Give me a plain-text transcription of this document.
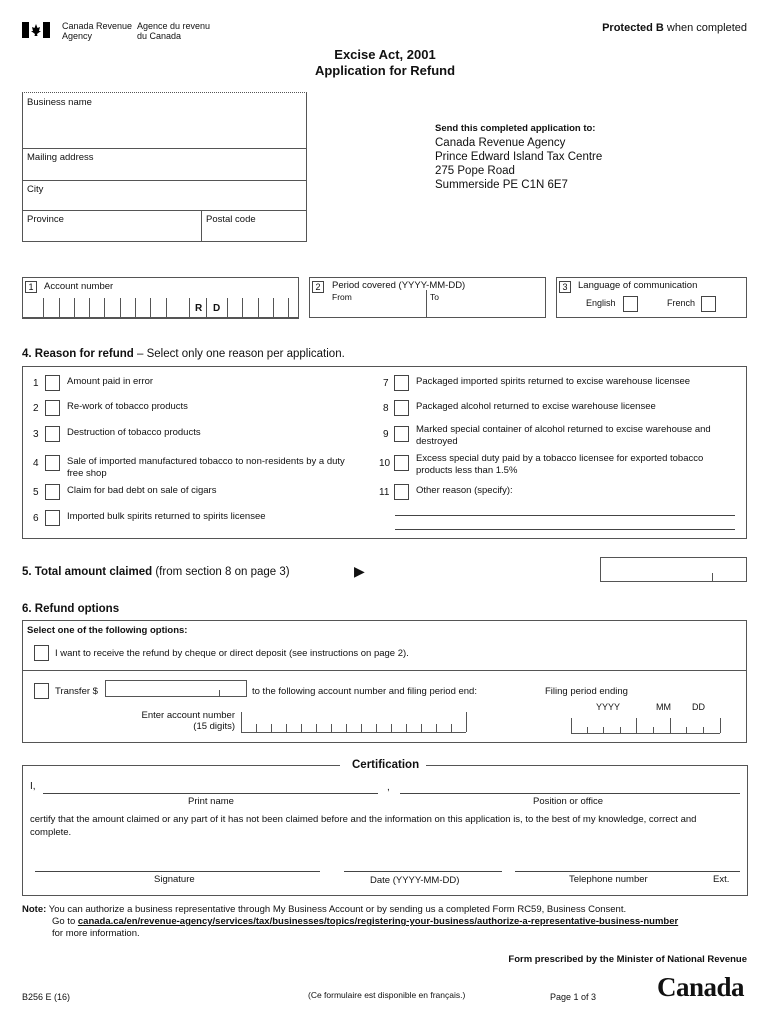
Canada Revenue
Agency
Agence du revenu
du Canada
Protected B when completed
Excise Act, 2001
Application for Refund
Business name
Mailing address
City
Province	Postal code
Send this completed application to:
Canada Revenue Agency
Prince Edward Island Tax Centre
275 Pope Road
Summerside PE C1N 6E7
1	Account number
R D
2	Period covered (YYYY-MM-DD)
From	To
3	Language of communication
English	French
4. Reason for refund – Select only one reason per application.
5. Total amount claimed (from section 8 on page 3)	▶
6. Refund options
Select one of the following options:
I want to receive the refund by cheque or direct deposit (see instructions on page 2).
Transfer $	to the following account number and filing period end:	Filing period ending
YYYY	MM DD
Enter account number
(15 digits)
Certification
I,	,
Print name	Position or office
certify that the amount claimed or any part of it has not been claimed before and the information on this application is, to the best of my knowledge, correct and complete.
Signature	Date (YYYY-MM-DD)	Telephone number	Ext.
Note: You can authorize a business representative through My Business Account or by sending us a completed Form RC59, Business Consent.
Go to canada.ca/en/revenue-agency/services/tax/businesses/topics/registering-your-business/authorize-a-representative-business-number
for more information.
Form prescribed by the Minister of National Revenue
B256 E (16)	(Ce formulaire est disponible en français.)	Page 1 of 3 Canada
1	Amount paid in error
2	Re-work of tobacco products
3	Destruction of tobacco products
4	Sale of imported manufactured tobacco to non-residents by a duty free shop
5	Claim for bad debt on sale of cigars
6	Imported bulk spirits returned to spirits licensee
7	Packaged imported spirits returned to excise warehouse licensee
8	Packaged alcohol returned to excise warehouse licensee
9	Marked special container of alcohol returned to excise warehouse and destroyed
10	Excess special duty paid by a tobacco licensee for exported tobacco products less than 1.5%
11	Other reason (specify):
